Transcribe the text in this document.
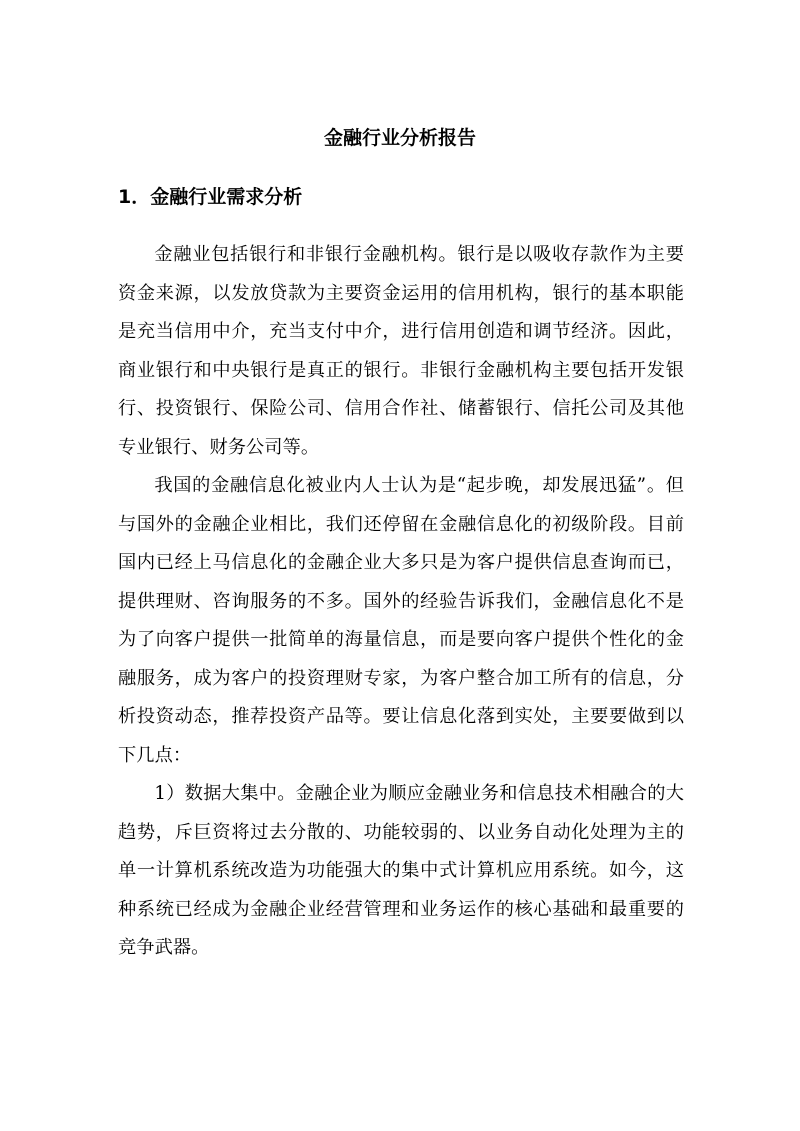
金融行业分析报告
1．金融行业需求分析

金融业包括银行和非银行金融机构。银行是以吸收存款作为主要资金来源，以发放贷款为主要资金运用的信用机构，银行的基本职能是充当信用中介，充当支付中介，进行信用创造和调节经济。因此，商业银行和中央银行是真正的银行。非银行金融机构主要包括开发银行、投资银行、保险公司、信用合作社、储蓄银行、信托公司及其他专业银行、财务公司等。

我国的金融信息化被业内人士认为是“起步晚，却发展迅猛”。但与国外的金融企业相比，我们还停留在金融信息化的初级阶段。目前国内已经上马信息化的金融企业大多只是为客户提供信息查询而已，提供理财、咨询服务的不多。国外的经验告诉我们，金融信息化不是为了向客户提供一批简单的海量信息，而是要向客户提供个性化的金融服务，成为客户的投资理财专家，为客户整合加工所有的信息，分析投资动态，推荐投资产品等。要让信息化落到实处，主要要做到以下几点：

1）数据大集中。金融企业为顺应金融业务和信息技术相融合的大趋势，斥巨资将过去分散的、功能较弱的、以业务自动化处理为主的单一计算机系统改造为功能强大的集中式计算机应用系统。如今，这种系统已经成为金融企业经营管理和业务运作的核心基础和最重要的竞争武器。
